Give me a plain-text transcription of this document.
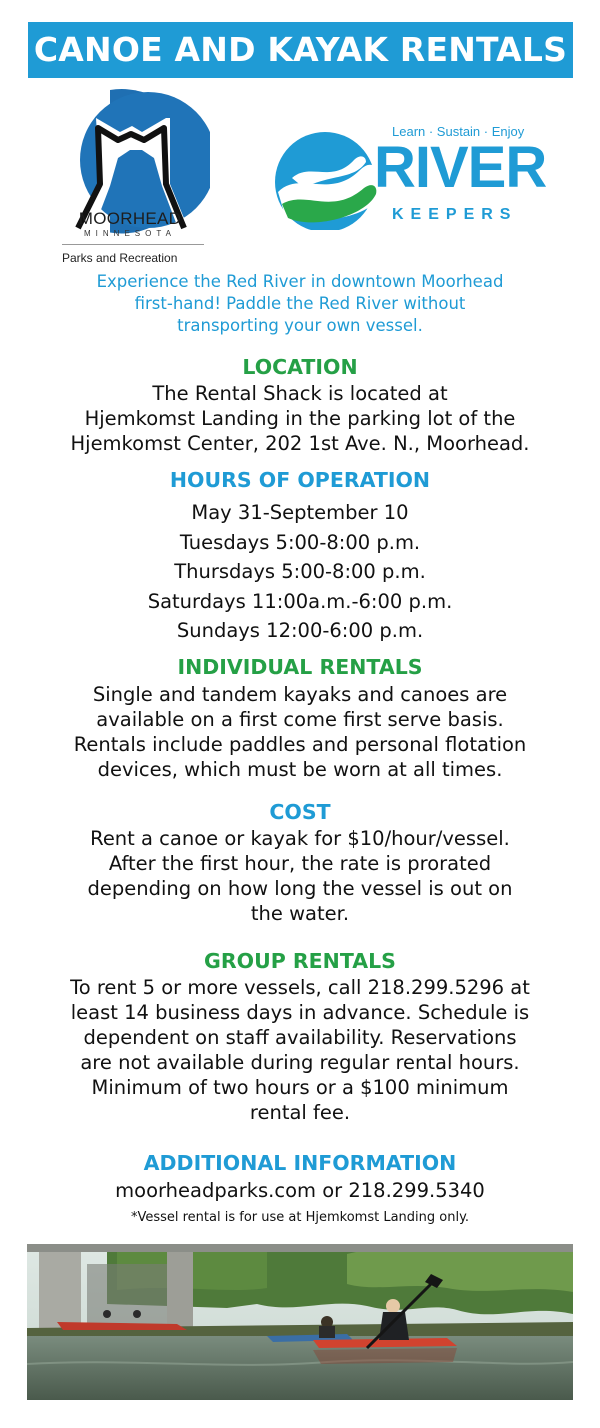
CANOE AND KAYAK RENTALS
MOORHEAD
MINNESOTA
Parks and Recreation
Learn · Sustain · Enjoy
RIVER
KEEPERS
Experience the Red River in downtown Moorhead
first-hand! Paddle the Red River without
transporting your own vessel.
LOCATION
The Rental Shack is located at
Hjemkomst Landing in the parking lot of the
Hjemkomst Center, 202 1st Ave. N., Moorhead.
HOURS OF OPERATION
May 31-September 10
Tuesdays 5:00-8:00 p.m.
Thursdays 5:00-8:00 p.m.
Saturdays 11:00a.m.-6:00 p.m.
Sundays 12:00-6:00 p.m.
INDIVIDUAL RENTALS
Single and tandem kayaks and canoes are
available on a first come first serve basis.
Rentals include paddles and personal flotation
devices, which must be worn at all times.
COST
Rent a canoe or kayak for $10/hour/vessel.
After the first hour, the rate is prorated
depending on how long the vessel is out on
the water.
GROUP RENTALS
To rent 5 or more vessels, call 218.299.5296 at
least 14 business days in advance. Schedule is
dependent on staff availability. Reservations
are not available during regular rental hours.
Minimum of two hours or a $100 minimum
rental fee.
ADDITIONAL INFORMATION
moorheadparks.com or 218.299.5340
*Vessel rental is for use at Hjemkomst Landing only.
